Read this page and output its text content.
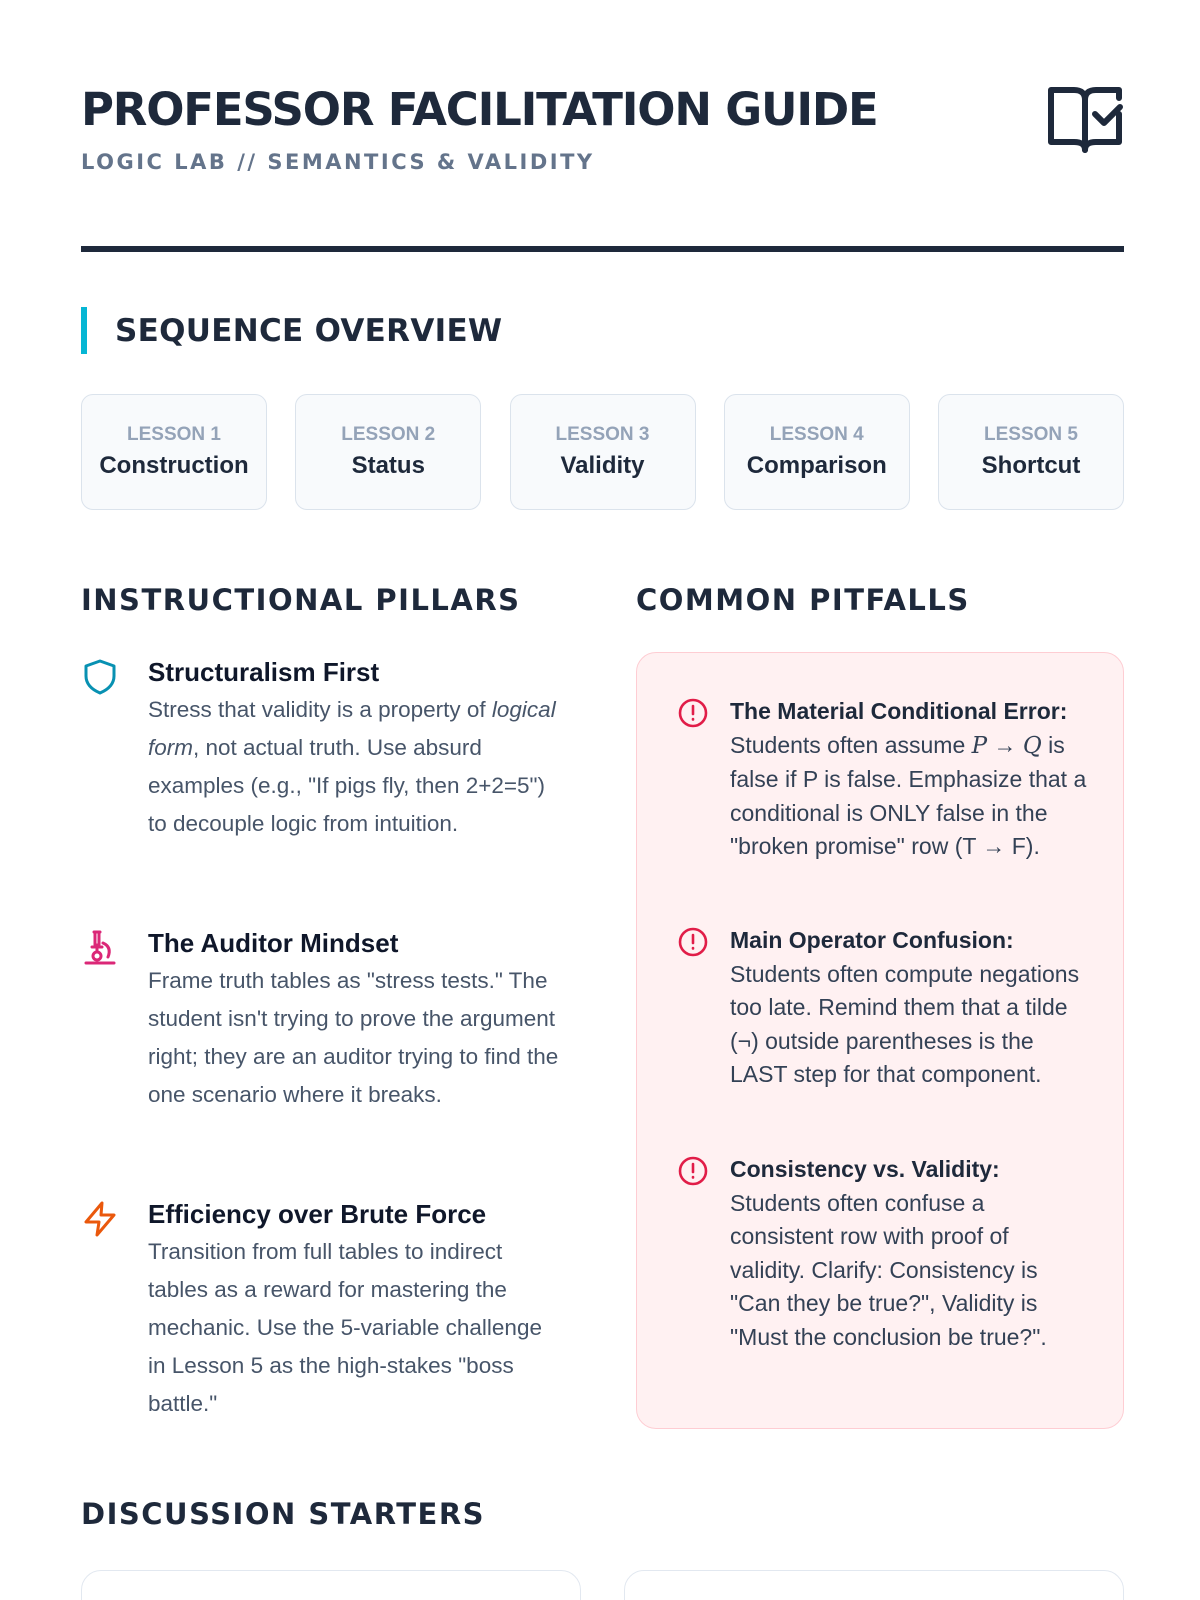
PROFESSOR FACILITATION GUIDE
LOGIC LAB // SEMANTICS & VALIDITY
SEQUENCE OVERVIEW
LESSON 1
Construction
LESSON 2
Status
LESSON 3
Validity
LESSON 4
Comparison
LESSON 5
Shortcut
INSTRUCTIONAL PILLARS
Structuralism First
Stress that validity is a property of logical form, not actual truth. Use absurd examples (e.g., "If pigs fly, then 2+2=5") to decouple logic from intuition.
The Auditor Mindset
Frame truth tables as "stress tests." The student isn't trying to prove the argument right; they are an auditor trying to find the one scenario where it breaks.
Efficiency over Brute Force
Transition from full tables to indirect tables as a reward for mastering the mechanic. Use the 5-variable challenge in Lesson 5 as the high-stakes "boss battle."
COMMON PITFALLS
The Material Conditional Error: Students often assume P → Q is false if P is false. Emphasize that a conditional is ONLY false in the "broken promise" row (T → F).
Main Operator Confusion: Students often compute negations too late. Remind them that a tilde (¬) outside parentheses is the LAST step for that component.
Consistency vs. Validity: Students often confuse a consistent row with proof of validity. Clarify: Consistency is "Can they be true?", Validity is "Must the conclusion be true?".
DISCUSSION STARTERS
